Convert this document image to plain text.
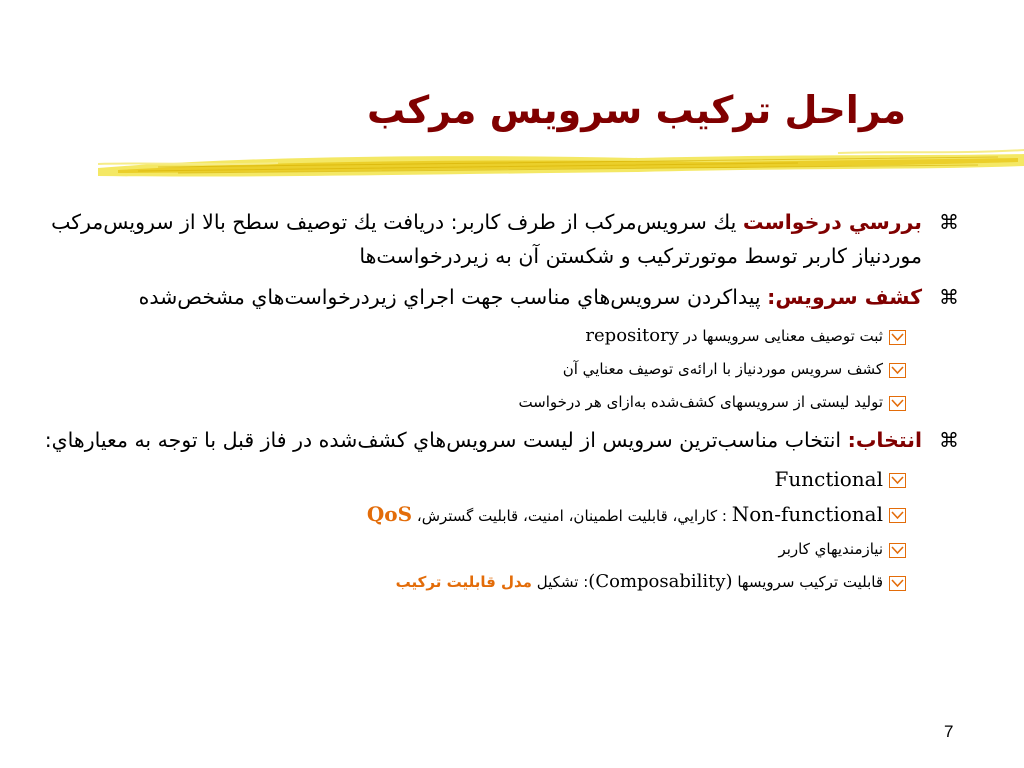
مراحل تركيب سرويس مركب
⌘
بررسي درخواست يك سرويس‌مركب از طرف كاربر: دريافت يك توصيف سطح بالا از سرويس‌مركب موردنياز كاربر توسط موتورتركيب و شكستن آن به زيردرخواست‌ها
⌘
كشف سرويس: پيداكردن سرويس‌هاي مناسب جهت اجراي زيردرخواست‌هاي مشخص‌شده
ثبت توصيف معنايی سرويسها در repository
كشف سرويس موردنياز با ارائه‌ی توصيف معنايي آن
توليد ليستی از سرويسهای كشف‌شده به‌ازای هر درخواست
⌘
انتخاب: انتخاب مناسب‌ترين سرويس از ليست سرويس‌هاي كشف‌شده در فاز قبل با توجه به معيارهاي:
Functional
Non-functional : كارايي، قابليت اطمينان، امنيت، قابليت گسترش، QoS
نيازمنديهاي كاربر
قابليت تركيب سرويسها (Composability): تشكيل مدل قابليت تركيب
7
